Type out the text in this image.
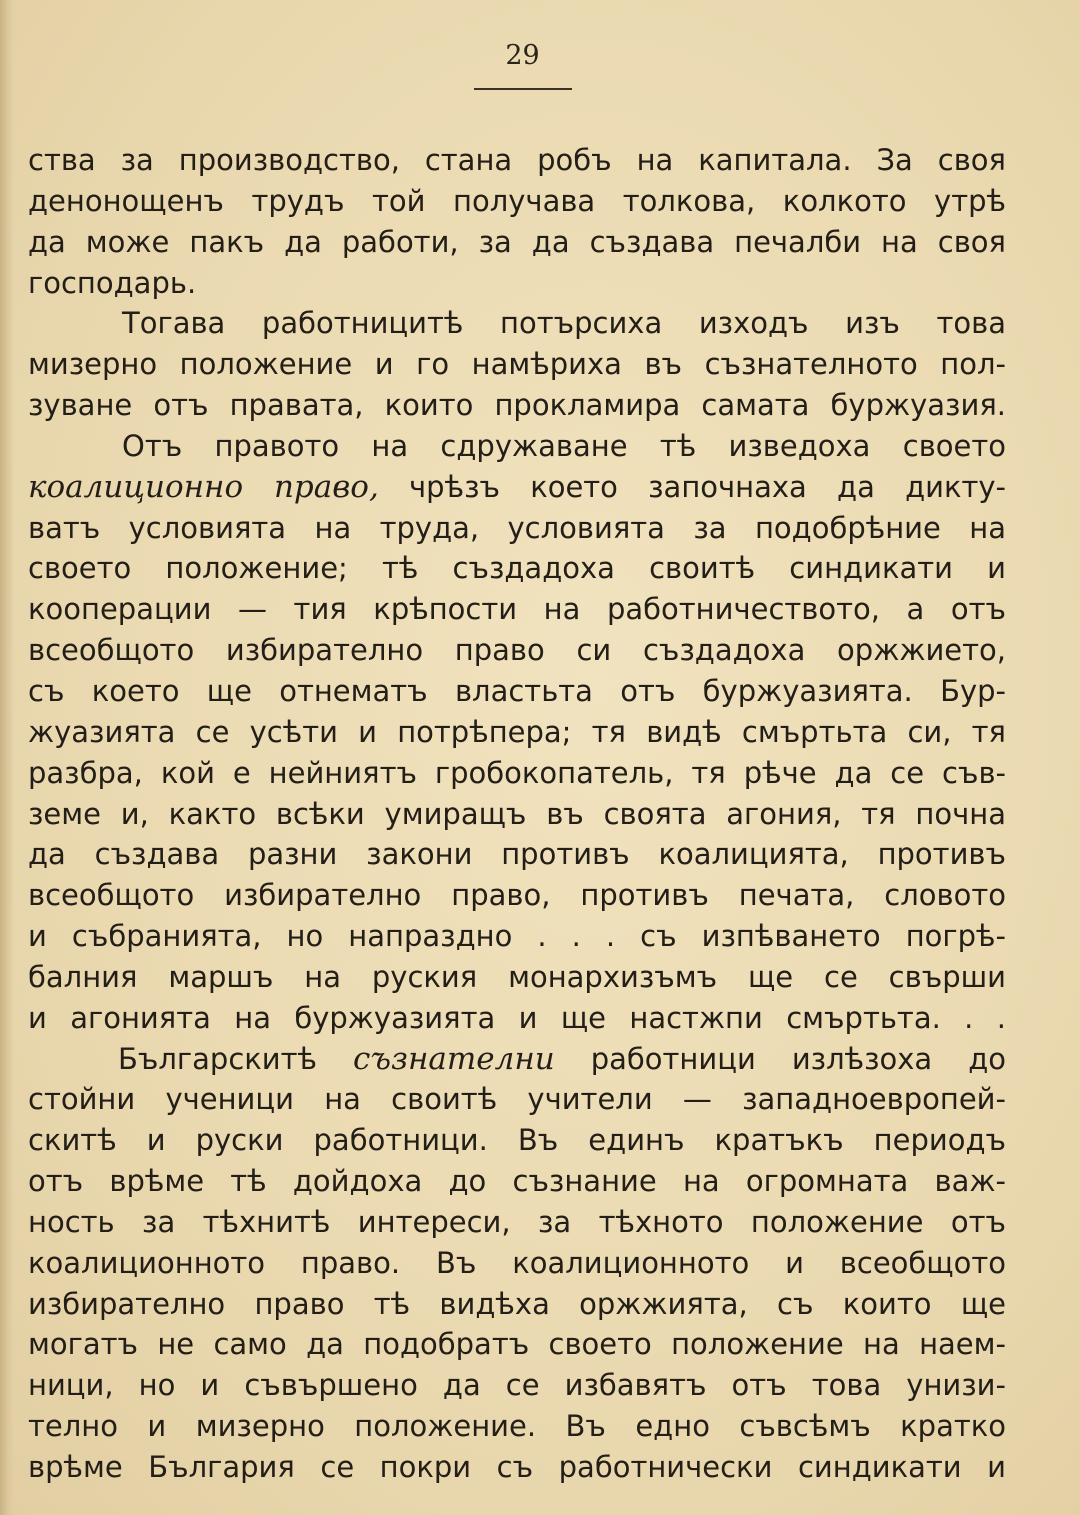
29
ства за производство, стана робъ на капитала. За своя
денонощенъ трудъ той получава толкова, колкото утрѣ
да може пакъ да работи, за да създава печалби на своя
господарь.
Тогава работницитѣ потърсиха изходъ изъ това
мизерно положение и го намѣриха въ съзнателното пол-
зуване отъ правата, които прокламира самата буржуазия.
Отъ правото на сдружаване тѣ изведоха своето
коалиционно право, чрѣзъ което започнаха да дикту-
ватъ условията на труда, условията за подобрѣние на
своето положение; тѣ създадоха своитѣ синдикати и
кооперации — тия крѣпости на работничеството, а отъ
всеобщото избирателно право си създадоха оржжието,
съ което ще отнематъ властьта отъ буржуазията. Бур-
жуазията се усѣти и потрѣпера; тя видѣ смъртьта си, тя
разбра, кой е нейниятъ гробокопатель, тя рѣче да се съв-
земе и, както всѣки умиращъ въ своята агония, тя почна
да създава разни закони противъ коалицията, противъ
всеобщото избирателно право, противъ печата, словото
и събранията, но напраздно . . . съ изпѣването погрѣ-
балния маршъ на руския монархизъмъ ще се свърши
и агонията на буржуазията и ще настжпи смъртьта. . .
Българскитѣ съзнателни работници излѣзоха до
стойни ученици на своитѣ учители — западноевропей-
скитѣ и руски работници. Въ единъ кратъкъ периодъ
отъ врѣме тѣ дойдоха до съзнание на огромната важ-
ность за тѣхнитѣ интереси, за тѣхното положение отъ
коалиционното право. Въ коалиционното и всеобщото
избирателно право тѣ видѣха оржжията, съ които ще
могатъ не само да подобратъ своето положение на наем-
ници, но и съвършено да се избавятъ отъ това унизи-
телно и мизерно положение. Въ едно съвсѣмъ кратко
врѣме България се покри съ работнически синдикати и
